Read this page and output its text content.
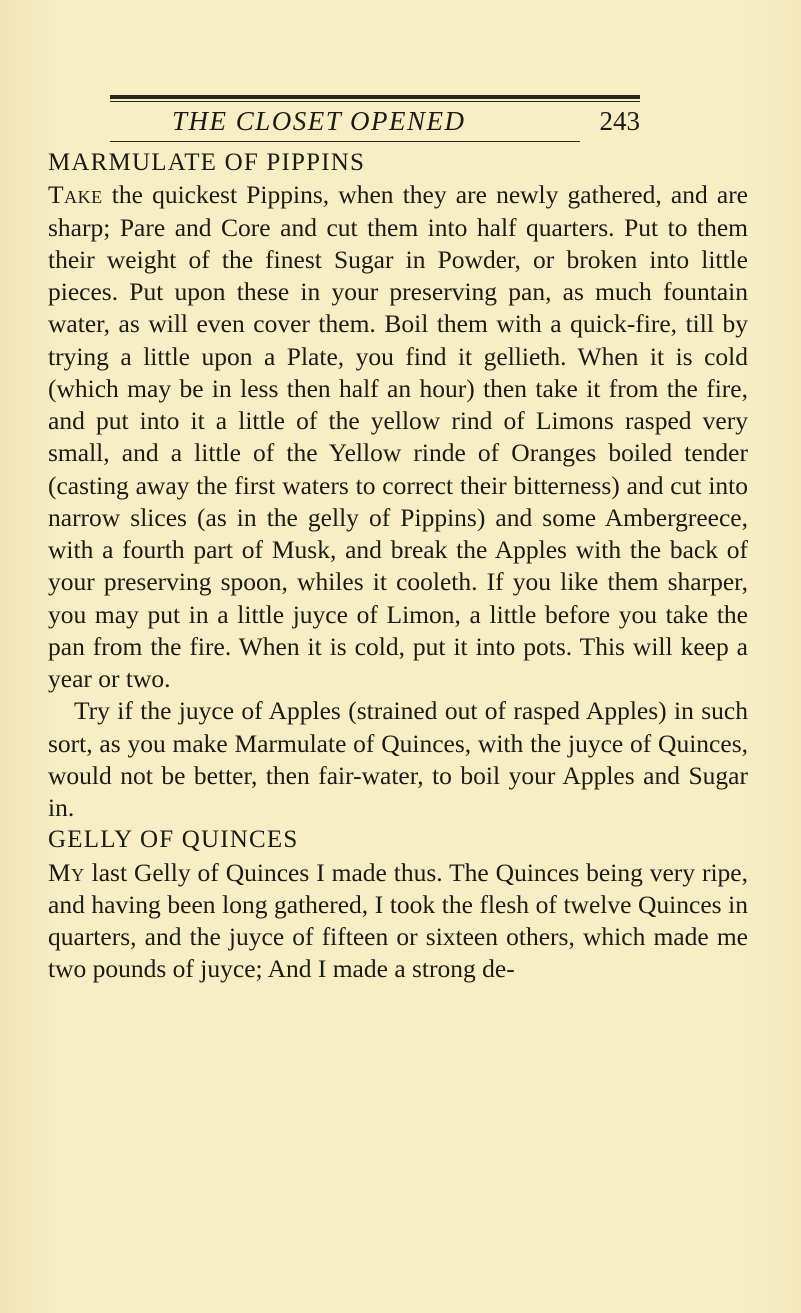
THE CLOSET OPENED	243
MARMULATE OF PIPPINS

Take the quickest Pippins, when they are newly gathered, and are sharp; Pare and Core and cut them into half quarters. Put to them their weight of the finest Sugar in Powder, or broken into little pieces. Put upon these in your preserving pan, as much fountain water, as will even cover them. Boil them with a quick-fire, till by trying a little upon a Plate, you find it gellieth. When it is cold (which may be in less then half an hour) then take it from the fire, and put into it a little of the yellow rind of Limons rasped very small, and a little of the Yellow rinde of Oranges boiled tender (casting away the first waters to correct their bitterness) and cut into narrow slices (as in the gelly of Pippins) and some Ambergreece, with a fourth part of Musk, and break the Apples with the back of your preserving spoon, whiles it cooleth. If you like them sharper, you may put in a little juyce of Limon, a little before you take the pan from the fire. When it is cold, put it into pots. This will keep a year or two.

Try if the juyce of Apples (strained out of rasped Apples) in such sort, as you make Marmulate of Quinces, with the juyce of Quinces, would not be better, then fair-water, to boil your Apples and Sugar in.

GELLY OF QUINCES

My last Gelly of Quinces I made thus. The Quinces being very ripe, and having been long gathered, I took the flesh of twelve Quinces in quarters, and the juyce of fifteen or sixteen others, which made me two pounds of juyce; And I made a strong de-
